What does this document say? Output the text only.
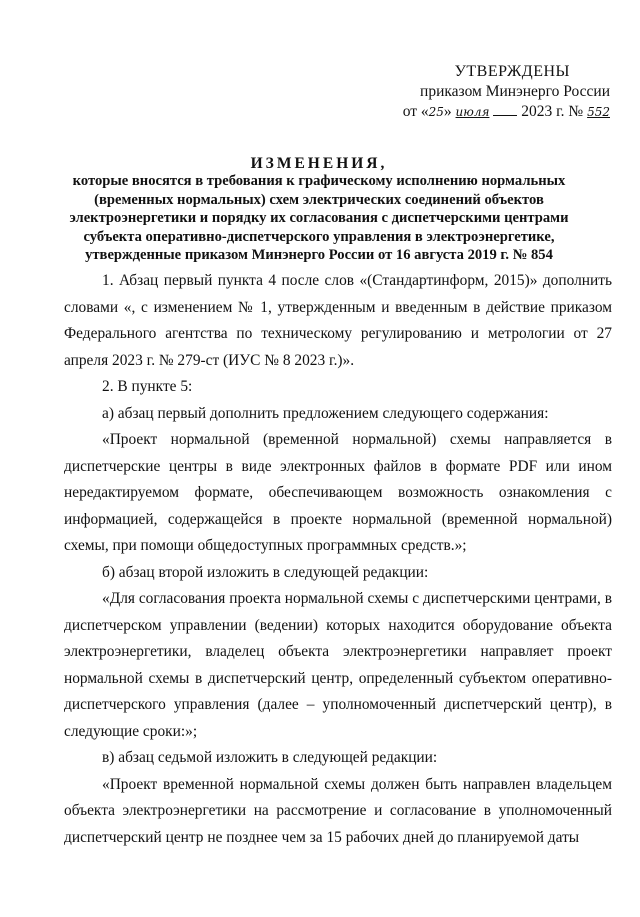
УТВЕРЖДЕНЫ
приказом Минэнерго России
от «25» июля 2023 г. № 552
ИЗМЕНЕНИЯ,
которые вносятся в требования к графическому исполнению нормальных
(временных нормальных) схем электрических соединений объектов
электроэнергетики и порядку их согласования с диспетчерскими центрами
субъекта оперативно-диспетчерского управления в электроэнергетике,
утвержденные приказом Минэнерго России от 16 августа 2019 г. № 854

1. Абзац первый пункта 4 после слов «(Стандартинформ, 2015)» дополнить словами «, с изменением № 1, утвержденным и введенным в действие приказом Федерального агентства по техническому регулированию и метрологии от 27 апреля 2023 г. № 279-ст (ИУС № 8 2023 г.)».

2. В пункте 5:

а) абзац первый дополнить предложением следующего содержания:

«Проект нормальной (временной нормальной) схемы направляется в диспетчерские центры в виде электронных файлов в формате PDF или ином нередактируемом формате, обеспечивающем возможность ознакомления с информацией, содержащейся в проекте нормальной (временной нормальной) схемы, при помощи общедоступных программных средств.»;

б) абзац второй изложить в следующей редакции:

«Для согласования проекта нормальной схемы с диспетчерскими центрами, в диспетчерском управлении (ведении) которых находится оборудование объекта электроэнергетики, владелец объекта электроэнергетики направляет проект нормальной схемы в диспетчерский центр, определенный субъектом оперативно-диспетчерского управления (далее – уполномоченный диспетчерский центр), в следующие сроки:»;

в) абзац седьмой изложить в следующей редакции:

«Проект временной нормальной схемы должен быть направлен владельцем объекта электроэнергетики на рассмотрение и согласование в уполномоченный диспетчерский центр не позднее чем за 15 рабочих дней до планируемой даты
